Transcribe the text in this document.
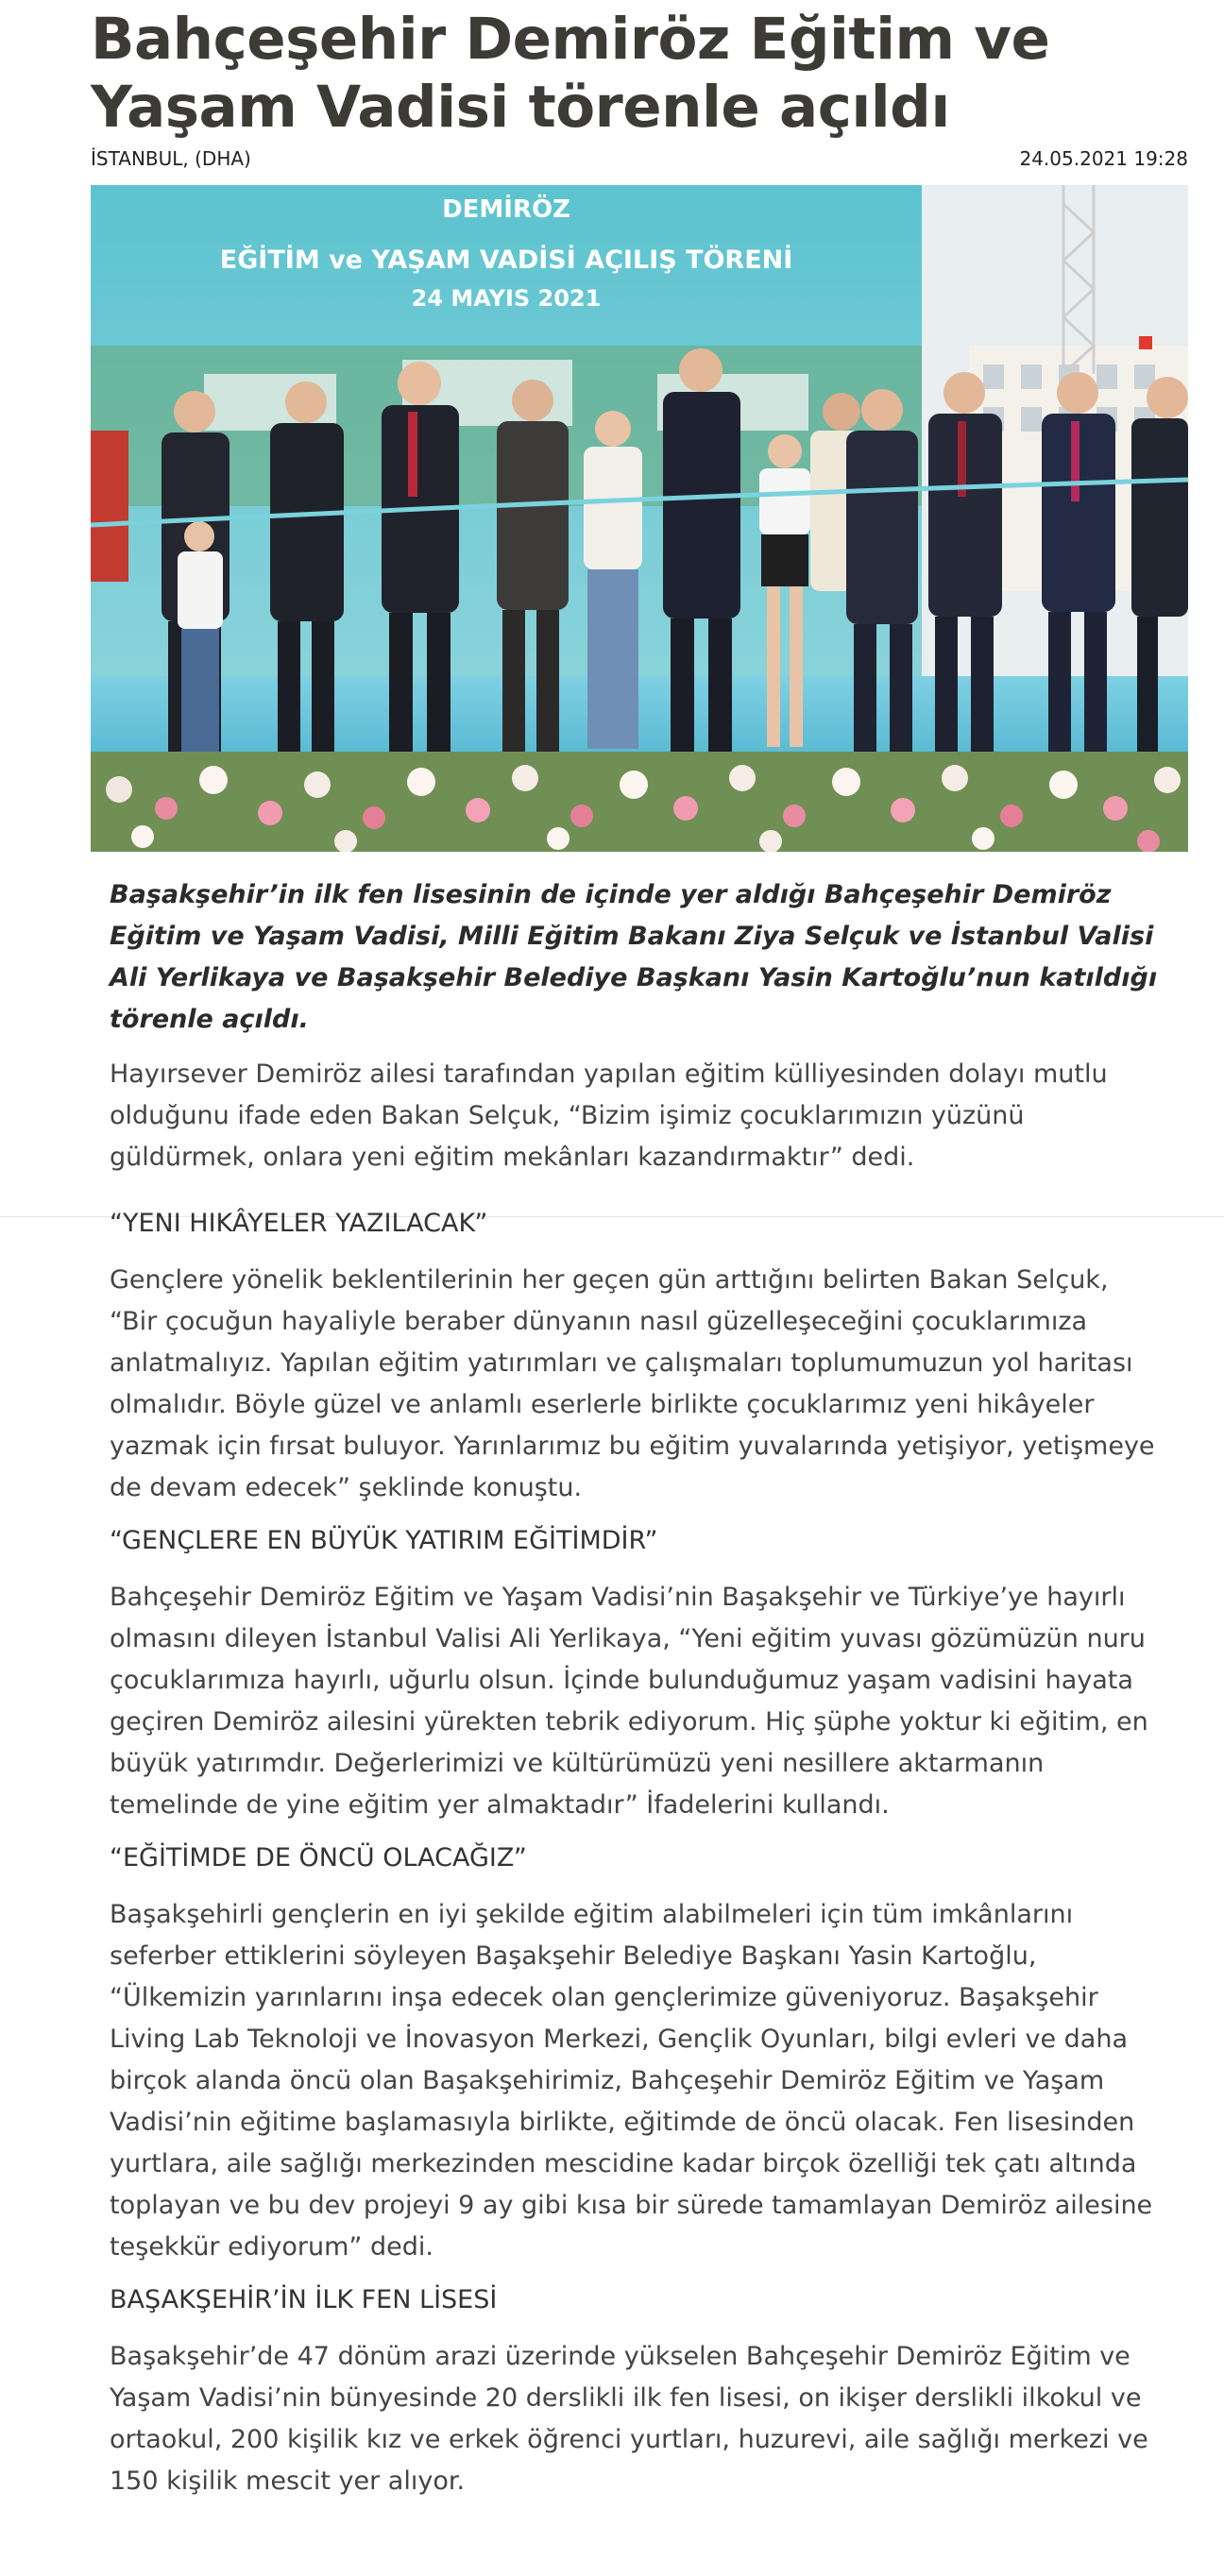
Bahçeşehir Demiröz Eğitim ve Yaşam Vadisi törenle açıldı
İSTANBUL, (DHA)	24.05.2021 19:28
DEMİRÖZ
EĞİTİM ve YAŞAM VADİSİ AÇILIŞ TÖRENİ
24 MAYIS 2021

Başakşehir’in ilk fen lisesinin de içinde yer aldığı Bahçeşehir Demiröz Eğitim ve Yaşam Vadisi, Milli Eğitim Bakanı Ziya Selçuk ve İstanbul Valisi Ali Yerlikaya ve Başakşehir Belediye Başkanı Yasin Kartoğlu’nun katıldığı törenle açıldı.

Hayırsever Demiröz ailesi tarafından yapılan eğitim külliyesinden dolayı mutlu olduğunu ifade eden Bakan Selçuk, “Bizim işimiz çocuklarımızın yüzünü güldürmek, onlara yeni eğitim mekânları kazandırmaktır” dedi.

“YENI HIKÂYELER YAZILACAK”

Gençlere yönelik beklentilerinin her geçen gün arttığını belirten Bakan Selçuk, “Bir çocuğun hayaliyle beraber dünyanın nasıl güzelleşeceğini çocuklarımıza anlatmalıyız. Yapılan eğitim yatırımları ve çalışmaları toplumumuzun yol haritası olmalıdır. Böyle güzel ve anlamlı eserlerle birlikte çocuklarımız yeni hikâyeler yazmak için fırsat buluyor. Yarınlarımız bu eğitim yuvalarında yetişiyor, yetişmeye de devam edecek” şeklinde konuştu.

“GENÇLERE EN BÜYÜK YATIRIM EĞİTİMDİR”

Bahçeşehir Demiröz Eğitim ve Yaşam Vadisi’nin Başakşehir ve Türkiye’ye hayırlı olmasını dileyen İstanbul Valisi Ali Yerlikaya, “Yeni eğitim yuvası gözümüzün nuru çocuklarımıza hayırlı, uğurlu olsun. İçinde bulunduğumuz yaşam vadisini hayata geçiren Demiröz ailesini yürekten tebrik ediyorum. Hiç şüphe yoktur ki eğitim, en büyük yatırımdır. Değerlerimizi ve kültürümüzü yeni nesillere aktarmanın temelinde de yine eğitim yer almaktadır” İfadelerini kullandı.

“EĞİTİMDE DE ÖNCÜ OLACAĞIZ”

Başakşehirli gençlerin en iyi şekilde eğitim alabilmeleri için tüm imkânlarını seferber ettiklerini söyleyen Başakşehir Belediye Başkanı Yasin Kartoğlu, “Ülkemizin yarınlarını inşa edecek olan gençlerimize güveniyoruz. Başakşehir Living Lab Teknoloji ve İnovasyon Merkezi, Gençlik Oyunları, bilgi evleri ve daha birçok alanda öncü olan Başakşehirimiz, Bahçeşehir Demiröz Eğitim ve Yaşam Vadisi’nin eğitime başlamasıyla birlikte, eğitimde de öncü olacak. Fen lisesinden yurtlara, aile sağlığı merkezinden mescidine kadar birçok özelliği tek çatı altında toplayan ve bu dev projeyi 9 ay gibi kısa bir sürede tamamlayan Demiröz ailesine teşekkür ediyorum” dedi.

BAŞAKŞEHİR’İN İLK FEN LİSESİ

Başakşehir’de 47 dönüm arazi üzerinde yükselen Bahçeşehir Demiröz Eğitim ve Yaşam Vadisi’nin bünyesinde 20 derslikli ilk fen lisesi, on ikişer derslikli ilkokul ve ortaokul, 200 kişilik kız ve erkek öğrenci yurtları, huzurevi, aile sağlığı merkezi ve 150 kişilik mescit yer alıyor.
